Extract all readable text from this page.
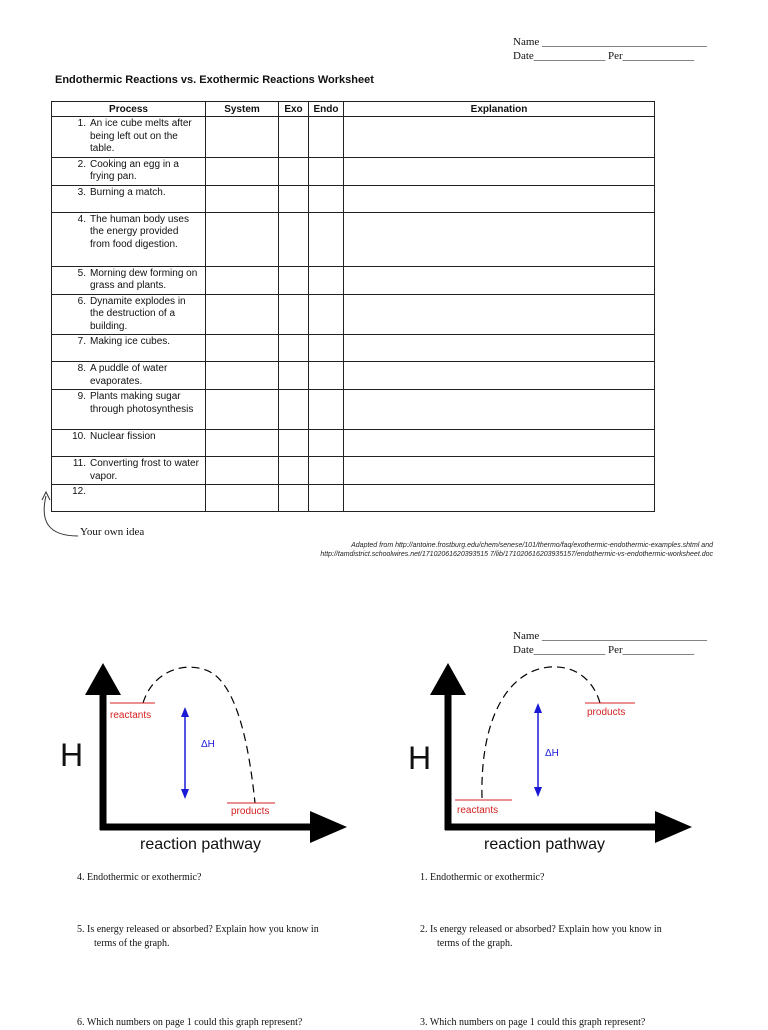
Name ______________________________
Date_____________ Per_____________
Endothermic Reactions vs. Exothermic Reactions Worksheet
Process	System	Exo	Endo	Explanation
1. An ice cube melts after being left out on the table.				
2. Cooking an egg in a frying pan.				
3. Burning a match.				
4. The human body uses the energy provided from food digestion.				
5. Morning dew forming on grass and plants.				
6. Dynamite explodes in the destruction of a building.				
7. Making ice cubes.				
8. A puddle of water evaporates.				
9. Plants making sugar through photosynthesis				
10. Nuclear fission				
11. Converting frost to water vapor.				
12.				
Your own idea
Adapted from http://antoine.frostburg.edu/chem/senese/101/thermo/faq/exothermic-endothermic-examples.shtml and
http://tamdistrict.schoolwires.net/17102061620393515 7/lib/171020616203935157/endothermic-vs-endothermic-worksheet.doc
Name ______________________________
Date_____________ Per_____________
H
reactants
products
ΔH
reaction pathway
H
reactants
products
ΔH
reaction pathway
4. Endothermic or exothermic?
5. Is energy released or absorbed? Explain how you know in
terms of the graph.
6. Which numbers on page 1 could this graph represent?
1. Endothermic or exothermic?
2. Is energy released or absorbed? Explain how you know in
terms of the graph.
3. Which numbers on page 1 could this graph represent?
